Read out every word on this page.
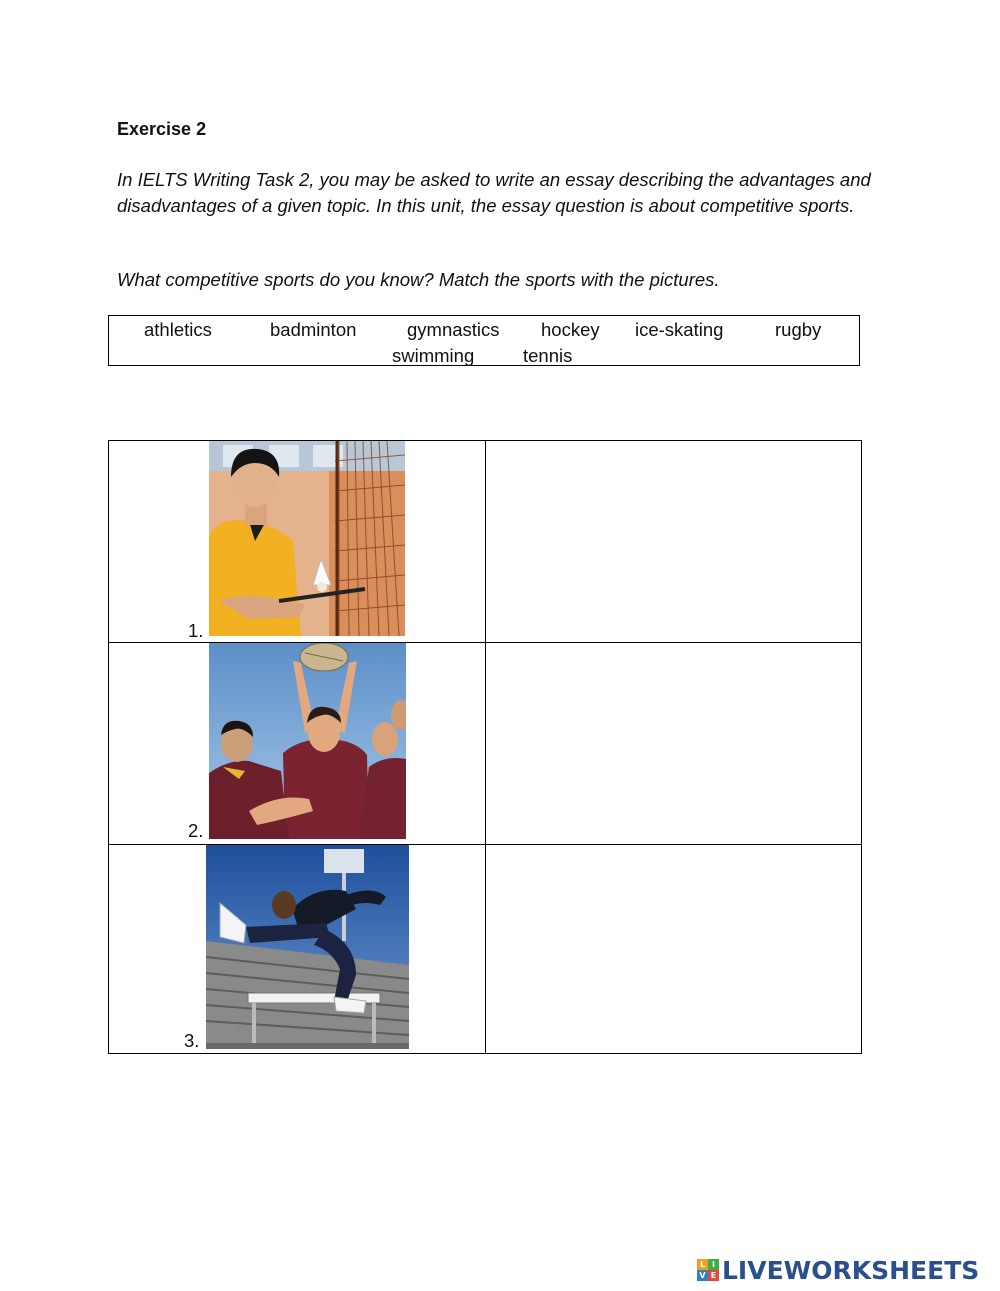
Exercise 2
In IELTS Writing Task 2, you may be asked to write an essay describing the advantages and disadvantages of a given topic. In this unit, the essay question is about competitive sports.
What competitive sports do you know? Match the sports with the pictures.
athletics	badminton	gymnastics hockey ice-skating	rugby
swimming	tennis
1.
2.
3.
L I
V E LIVEWORKSHEETS
